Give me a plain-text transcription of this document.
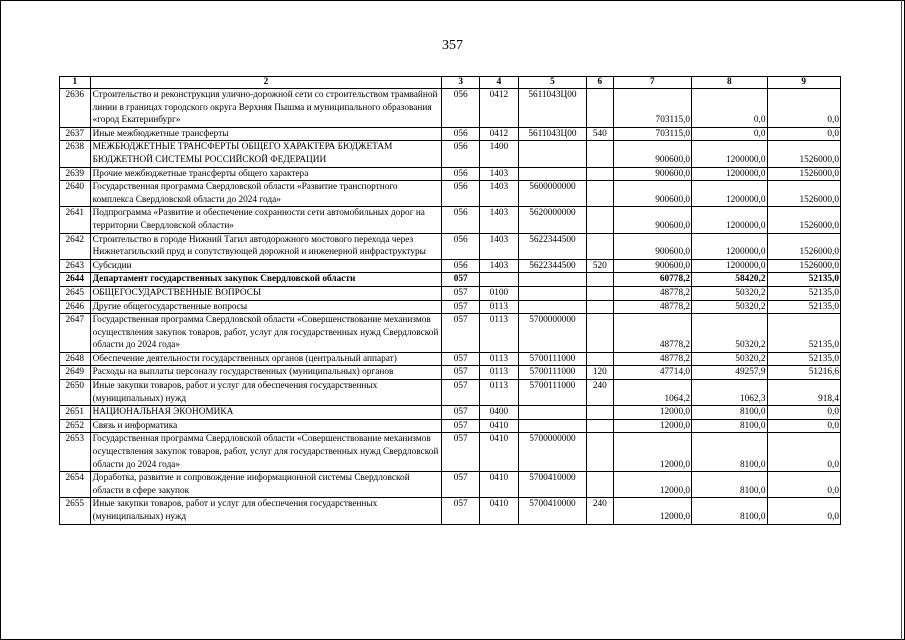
357
1	2	3	4	5	6	7	8	9
2636	Строительство и реконструкция улично-дорожной сети со строительством трамвайной линии в границах городского округа Верхняя Пышма и муниципального образования «город Екатеринбург»	056	0412	5611043Ц00		703115,0	0,0	0,0
2637	Иные межбюджетные трансферты	056	0412	5611043Ц00	540	703115,0	0,0	0,0
2638	МЕЖБЮДЖЕТНЫЕ ТРАНСФЕРТЫ ОБЩЕГО ХАРАКТЕРА БЮДЖЕТАМ БЮДЖЕТНОЙ СИСТЕМЫ РОССИЙСКОЙ ФЕДЕРАЦИИ	056	1400			900600,0	1200000,0	1526000,0
2639	Прочие межбюджетные трансферты общего характера	056	1403			900600,0	1200000,0	1526000,0
2640	Государственная программа Свердловской области «Развитие транспортного комплекса Свердловской области до 2024 года»	056	1403	5600000000		900600,0	1200000,0	1526000,0
2641	Подпрограмма «Развитие и обеспечение сохранности сети автомобильных дорог на территории Свердловской области»	056	1403	5620000000		900600,0	1200000,0	1526000,0
2642	Строительство в городе Нижний Тагил автодорожного мостового перехода через Нижнетагильский пруд и сопутствующей дорожной и инженерной инфраструктуры	056	1403	5622344500		900600,0	1200000,0	1526000,0
2643	Субсидии	056	1403	5622344500	520	900600,0	1200000,0	1526000,0
2644	Департамент государственных закупок Свердловской области	057				60778,2	58420,2	52135,0
2645	ОБЩЕГОСУДАРСТВЕННЫЕ ВОПРОСЫ	057	0100			48778,2	50320,2	52135,0
2646	Другие общегосударственные вопросы	057	0113			48778,2	50320,2	52135,0
2647	Государственная программа Свердловской области «Совершенствование механизмов осуществления закупок товаров, работ, услуг для государственных нужд Свердловской области до 2024 года»	057	0113	5700000000		48778,2	50320,2	52135,0
2648	Обеспечение деятельности государственных органов (центральный аппарат)	057	0113	5700111000		48778,2	50320,2	52135,0
2649	Расходы на выплаты персоналу государственных (муниципальных) органов	057	0113	5700111000	120	47714,0	49257,9	51216,6
2650	Иные закупки товаров, работ и услуг для обеспечения государственных (муниципальных) нужд	057	0113	5700111000	240	1064,2	1062,3	918,4
2651	НАЦИОНАЛЬНАЯ ЭКОНОМИКА	057	0400			12000,0	8100,0	0,0
2652	Связь и информатика	057	0410			12000,0	8100,0	0,0
2653	Государственная программа Свердловской области «Совершенствование механизмов осуществления закупок товаров, работ, услуг для государственных нужд Свердловской области до 2024 года»	057	0410	5700000000		12000,0	8100,0	0,0
2654	Доработка, развитие и сопровождение информационной системы Свердловской области в сфере закупок	057	0410	5700410000		12000,0	8100,0	0,0
2655	Иные закупки товаров, работ и услуг для обеспечения государственных (муниципальных) нужд	057	0410	5700410000	240	12000,0	8100,0	0,0
